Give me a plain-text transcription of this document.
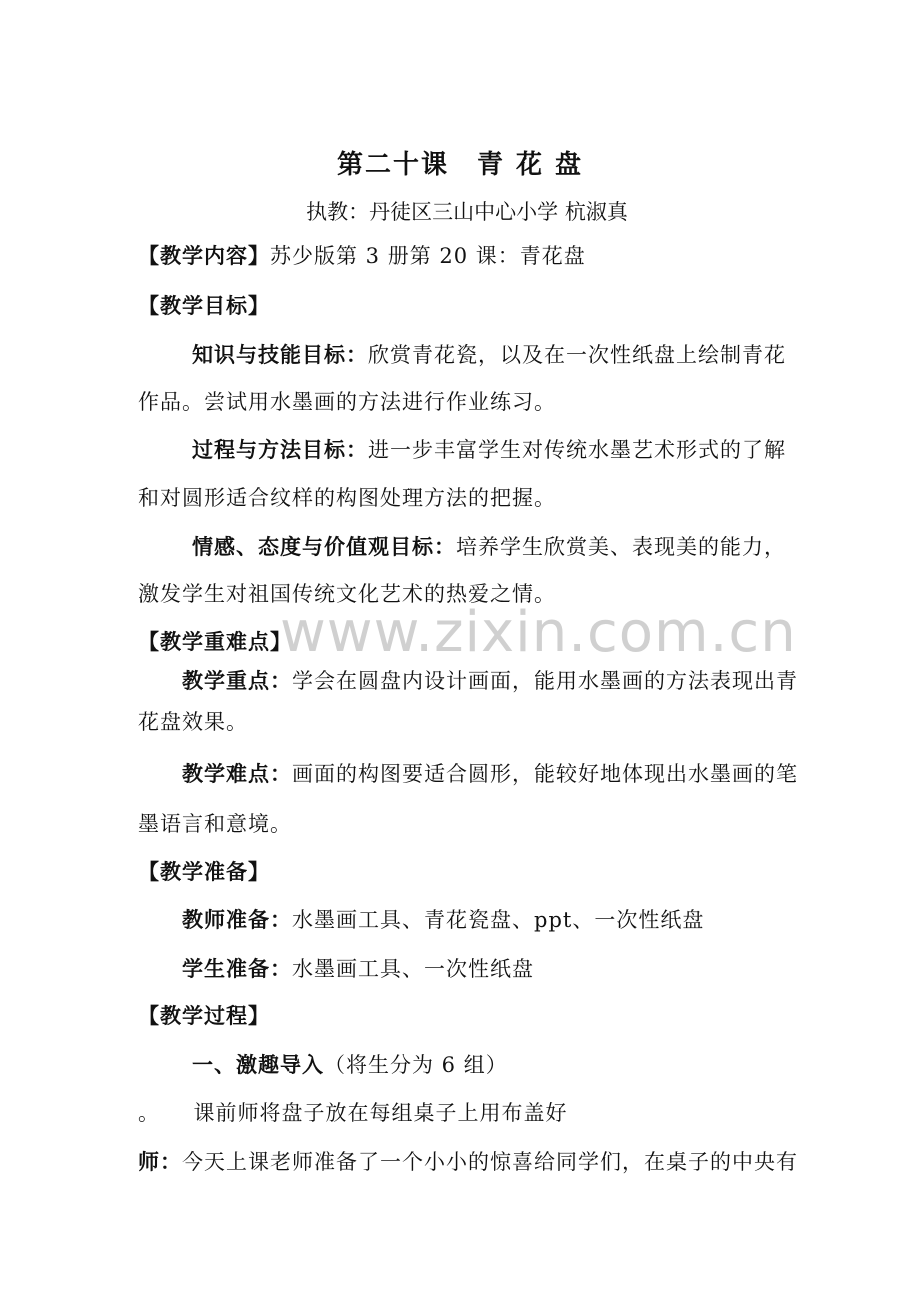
第二十课　青 花 盘
执教：丹徒区三山中心小学 杭淑真
【教学内容】苏少版第 3 册第 20 课：青花盘
【教学目标】
知识与技能目标：欣赏青花瓷，以及在一次性纸盘上绘制青花
作品。尝试用水墨画的方法进行作业练习。
过程与方法目标：进一步丰富学生对传统水墨艺术形式的了解
和对圆形适合纹样的构图处理方法的把握。
情感、态度与价值观目标：培养学生欣赏美、表现美的能力，
激发学生对祖国传统文化艺术的热爱之情。
www.zixin.com.cn
【教学重难点】
教学重点：学会在圆盘内设计画面，能用水墨画的方法表现出青
花盘效果。
教学难点：画面的构图要适合圆形，能较好地体现出水墨画的笔
墨语言和意境。
【教学准备】
教师准备：水墨画工具、青花瓷盘、ppt、一次性纸盘
学生准备：水墨画工具、一次性纸盘
【教学过程】
一、激趣导入（将生分为 6 组）
。　　课前师将盘子放在每组桌子上用布盖好
师：今天上课老师准备了一个小小的惊喜给同学们，在桌子的中央有
